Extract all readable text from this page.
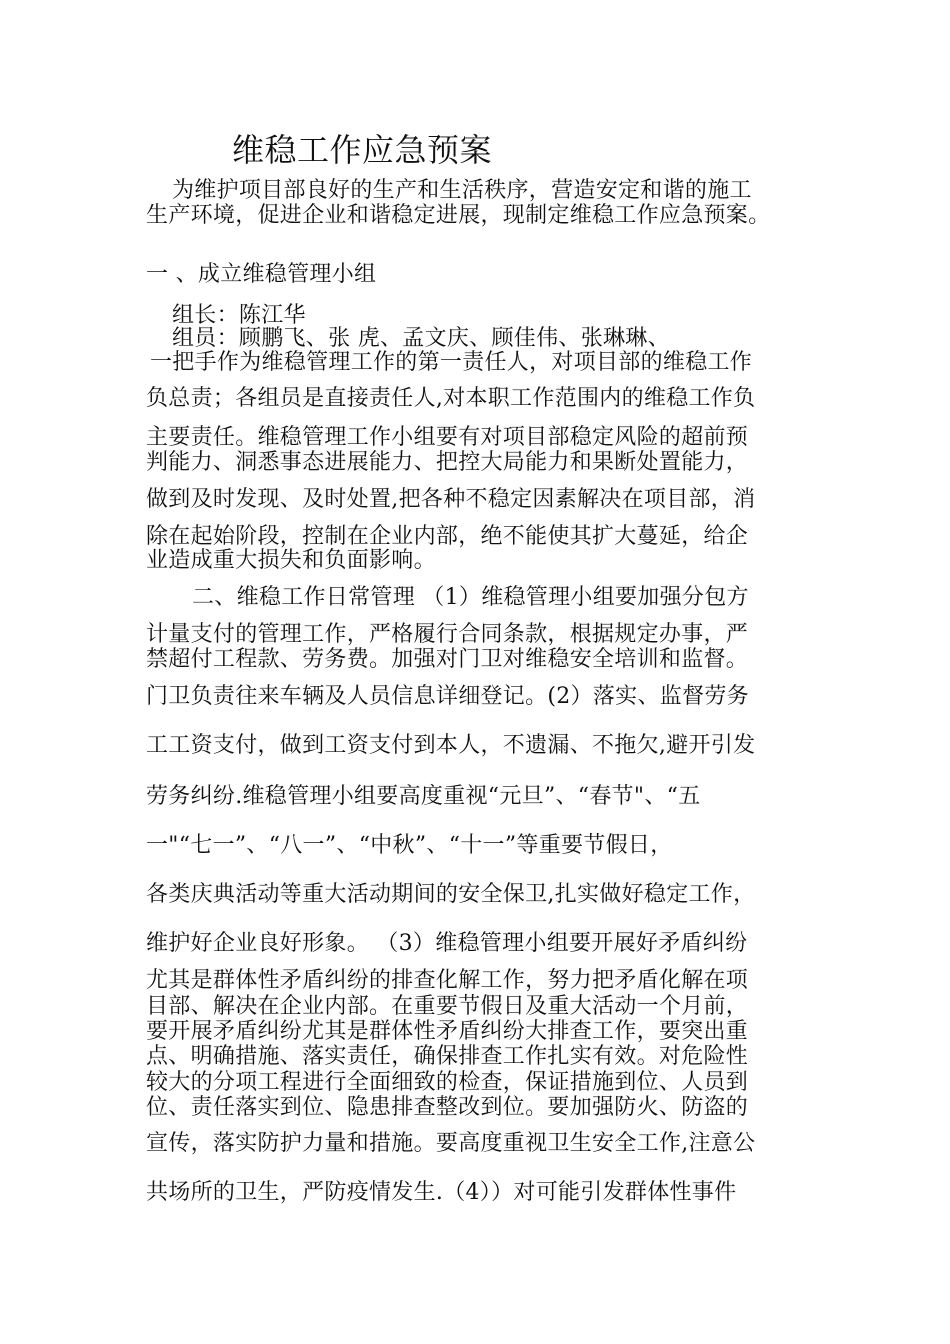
维稳工作应急预案
为维护项目部良好的生产和生活秩序，营造安定和谐的施工
生产环境，促进企业和谐稳定进展，现制定维稳工作应急预案。
一 、成立维稳管理小组
组长：陈江华
组员：顾鹏飞、张 虎、孟文庆、顾佳伟、张琳琳、
一把手作为维稳管理工作的第一责任人，对项目部的维稳工作
负总责；各组员是直接责任人,对本职工作范围内的维稳工作负
主要责任。维稳管理工作小组要有对项目部稳定风险的超前预
判能力、洞悉事态进展能力、把控大局能力和果断处置能力，
做到及时发现、及时处置,把各种不稳定因素解决在项目部，消
除在起始阶段，控制在企业内部，绝不能使其扩大蔓延，给企
业造成重大损失和负面影响。
二、维稳工作日常管理 （1）维稳管理小组要加强分包方
计量支付的管理工作，严格履行合同条款，根据规定办事，严
禁超付工程款、劳务费。加强对门卫对维稳安全培训和监督。
门卫负责往来车辆及人员信息详细登记。(2）落实、监督劳务
工工资支付，做到工资支付到本人，不遗漏、不拖欠,避开引发
劳务纠纷.维稳管理小组要高度重视“元旦”、“春节"、“五
一"“七一”、“八一”、“中秋”、“十一”等重要节假日，
各类庆典活动等重大活动期间的安全保卫,扎实做好稳定工作，
维护好企业良好形象。 （3）维稳管理小组要开展好矛盾纠纷
尤其是群体性矛盾纠纷的排查化解工作，努力把矛盾化解在项
目部、解决在企业内部。在重要节假日及重大活动一个月前，
要开展矛盾纠纷尤其是群体性矛盾纠纷大排查工作，要突出重
点、明确措施、落实责任，确保排查工作扎实有效。对危险性
较大的分项工程进行全面细致的检查，保证措施到位、人员到
位、责任落实到位、隐患排查整改到位。要加强防火、防盗的
宣传，落实防护力量和措施。要高度重视卫生安全工作,注意公
共场所的卫生，严防疫情发生.（4））对可能引发群体性事件
